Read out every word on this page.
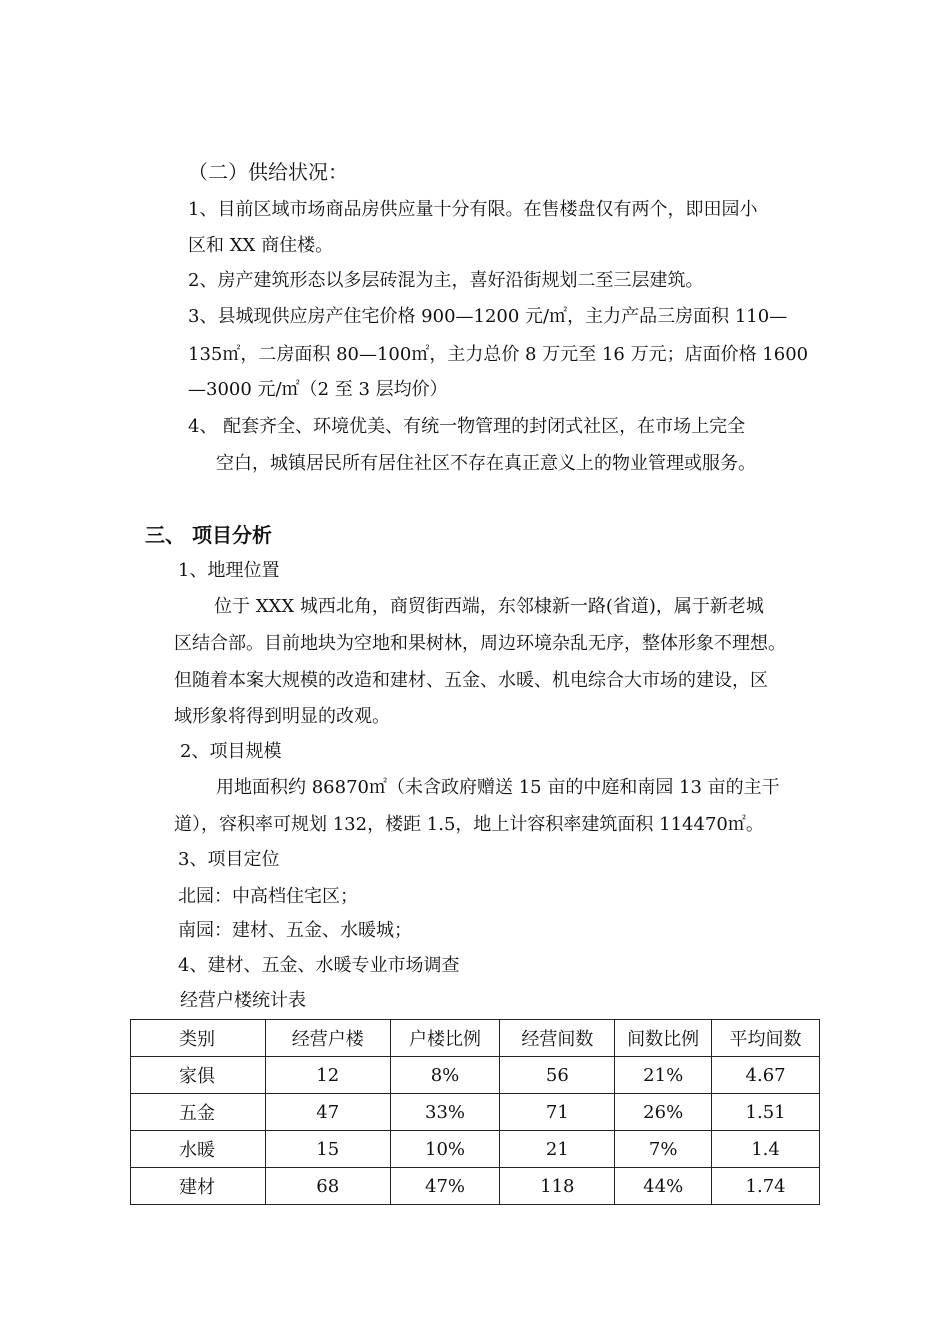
（二）供给状况：
1、目前区域市场商品房供应量十分有限。在售楼盘仅有两个，即田园小
区和 XX 商住楼。
2、房产建筑形态以多层砖混为主，喜好沿街规划二至三层建筑。
3、县城现供应房产住宅价格 900—1200 元/㎡，主力产品三房面积 110—
135㎡，二房面积 80—100㎡，主力总价 8 万元至 16 万元；店面价格 1600
—3000 元/㎡（2 至 3 层均价）
4、 配套齐全、环境优美、有统一物管理的封闭式社区，在市场上完全
空白，城镇居民所有居住社区不存在真正意义上的物业管理或服务。
三、 项目分析
1、地理位置
位于 XXX 城西北角，商贸街西端，东邻棣新一路(省道)，属于新老城
区结合部。目前地块为空地和果树林，周边环境杂乱无序，整体形象不理想。
但随着本案大规模的改造和建材、五金、水暖、机电综合大市场的建设，区
域形象将得到明显的改观。
2、项目规模
用地面积约 86870㎡（未含政府赠送 15 亩的中庭和南园 13 亩的主干
道），容积率可规划 132，楼距 1.5，地上计容积率建筑面积 114470㎡。
3、项目定位
北园：中高档住宅区；
南园：建材、五金、水暖城；
4、建材、五金、水暖专业市场调查
经营户楼统计表
类别	经营户楼	户楼比例	经营间数	间数比例	平均间数
家俱	12	8%	56	21%	4.67
五金	47	33%	71	26%	1.51
水暖	15	10%	21	7%	1.4
建材	68	47%	118	44%	1.74
